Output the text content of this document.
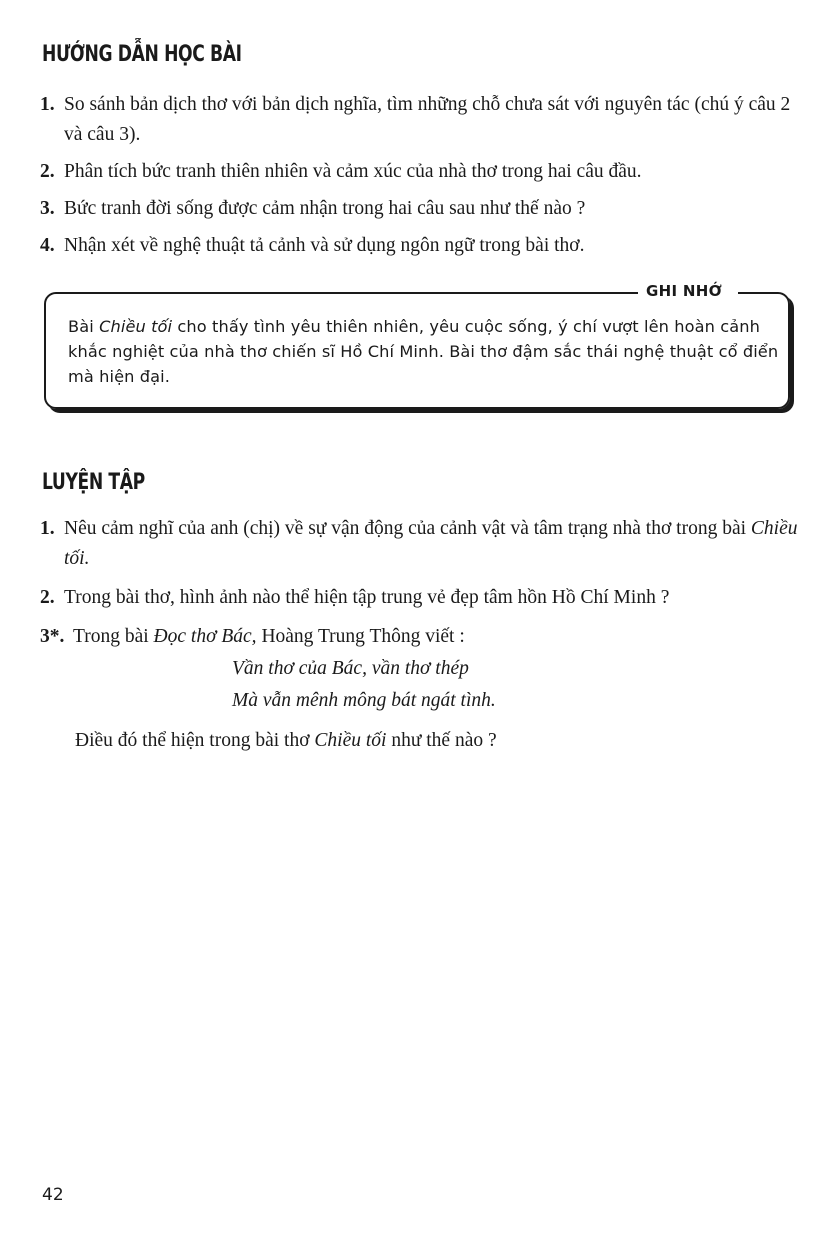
HƯỚNG DẪN HỌC BÀI
1. So sánh bản dịch thơ với bản dịch nghĩa, tìm những chỗ chưa sát với nguyên tác (chú ý câu 2 và câu 3).
2. Phân tích bức tranh thiên nhiên và cảm xúc của nhà thơ trong hai câu đầu.
3. Bức tranh đời sống được cảm nhận trong hai câu sau như thế nào ?
4. Nhận xét về nghệ thuật tả cảnh và sử dụng ngôn ngữ trong bài thơ.
GHI NHỚ
Bài Chiều tối cho thấy tình yêu thiên nhiên, yêu cuộc sống, ý chí vượt lên hoàn cảnh khắc nghiệt của nhà thơ chiến sĩ Hồ Chí Minh. Bài thơ đậm sắc thái nghệ thuật cổ điển mà hiện đại.
LUYỆN TẬP
1. Nêu cảm nghĩ của anh (chị) về sự vận động của cảnh vật và tâm trạng nhà thơ trong bài Chiều tối.
2. Trong bài thơ, hình ảnh nào thể hiện tập trung vẻ đẹp tâm hồn Hồ Chí Minh ?
3*. Trong bài Đọc thơ Bác, Hoàng Trung Thông viết :
Vần thơ của Bác, vần thơ thép
Mà vẫn mênh mông bát ngát tình.
Điều đó thể hiện trong bài thơ Chiều tối như thế nào ?
42
